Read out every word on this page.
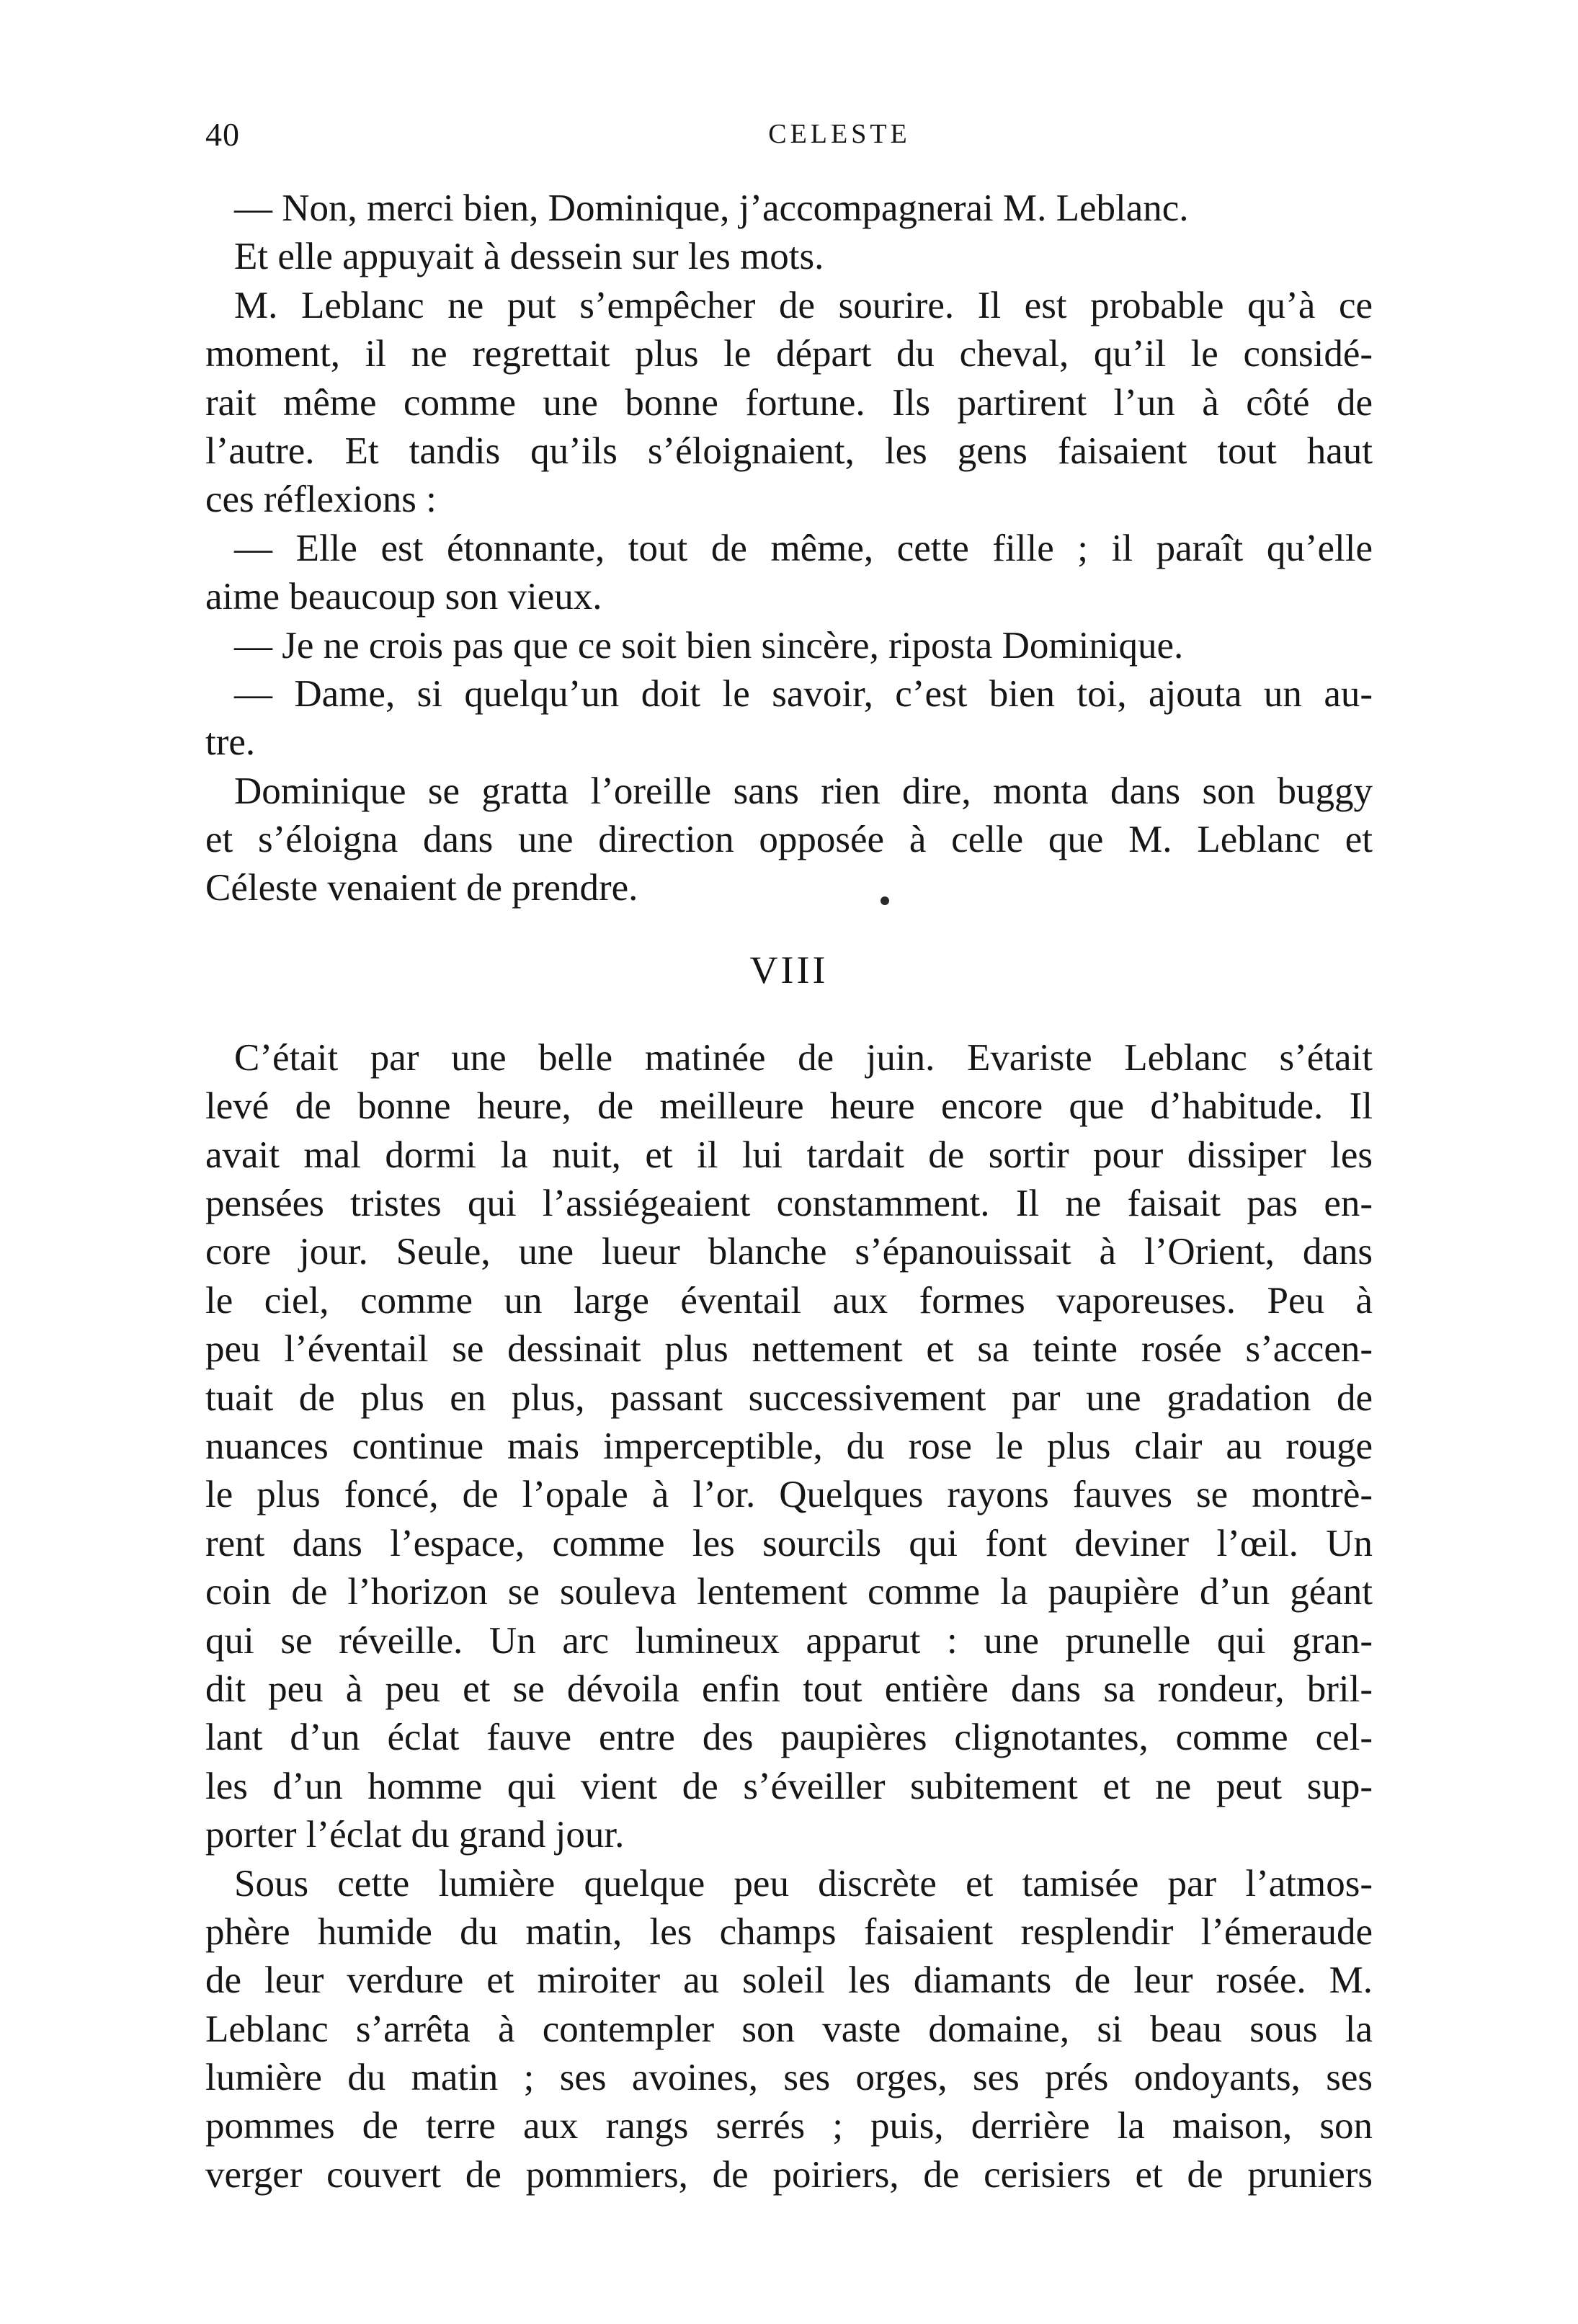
40	CELESTE
— Non, merci bien, Dominique, j’accompagnerai M. Leblanc.
Et elle appuyait à dessein sur les mots.
M. Leblanc ne put s’empêcher de sourire. Il est probable qu’à ce
moment, il ne regrettait plus le départ du cheval, qu’il le considé-
rait même comme une bonne fortune. Ils partirent l’un à côté de
l’autre. Et tandis qu’ils s’éloignaient, les gens faisaient tout haut
ces réflexions :
— Elle est étonnante, tout de même, cette fille ; il paraît qu’elle
aime beaucoup son vieux.
— Je ne crois pas que ce soit bien sincère, riposta Dominique.
— Dame, si quelqu’un doit le savoir, c’est bien toi, ajouta un au-
tre.
Dominique se gratta l’oreille sans rien dire, monta dans son buggy
et s’éloigna dans une direction opposée à celle que M. Leblanc et
Céleste venaient de prendre.
VIII
C’était par une belle matinée de juin. Evariste Leblanc s’était
levé de bonne heure, de meilleure heure encore que d’habitude. Il
avait mal dormi la nuit, et il lui tardait de sortir pour dissiper les
pensées tristes qui l’assiégeaient constamment. Il ne faisait pas en-
core jour. Seule, une lueur blanche s’épanouissait à l’Orient, dans
le ciel, comme un large éventail aux formes vaporeuses. Peu à
peu l’éventail se dessinait plus nettement et sa teinte rosée s’accen-
tuait de plus en plus, passant successivement par une gradation de
nuances continue mais imperceptible, du rose le plus clair au rouge
le plus foncé, de l’opale à l’or. Quelques rayons fauves se montrè-
rent dans l’espace, comme les sourcils qui font deviner l’œil. Un
coin de l’horizon se souleva lentement comme la paupière d’un géant
qui se réveille. Un arc lumineux apparut : une prunelle qui gran-
dit peu à peu et se dévoila enfin tout entière dans sa rondeur, bril-
lant d’un éclat fauve entre des paupières clignotantes, comme cel-
les d’un homme qui vient de s’éveiller subitement et ne peut sup-
porter l’éclat du grand jour.
Sous cette lumière quelque peu discrète et tamisée par l’atmos-
phère humide du matin, les champs faisaient resplendir l’émeraude
de leur verdure et miroiter au soleil les diamants de leur rosée. M.
Leblanc s’arrêta à contempler son vaste domaine, si beau sous la
lumière du matin ; ses avoines, ses orges, ses prés ondoyants, ses
pommes de terre aux rangs serrés ; puis, derrière la maison, son
verger couvert de pommiers, de poiriers, de cerisiers et de pruniers
